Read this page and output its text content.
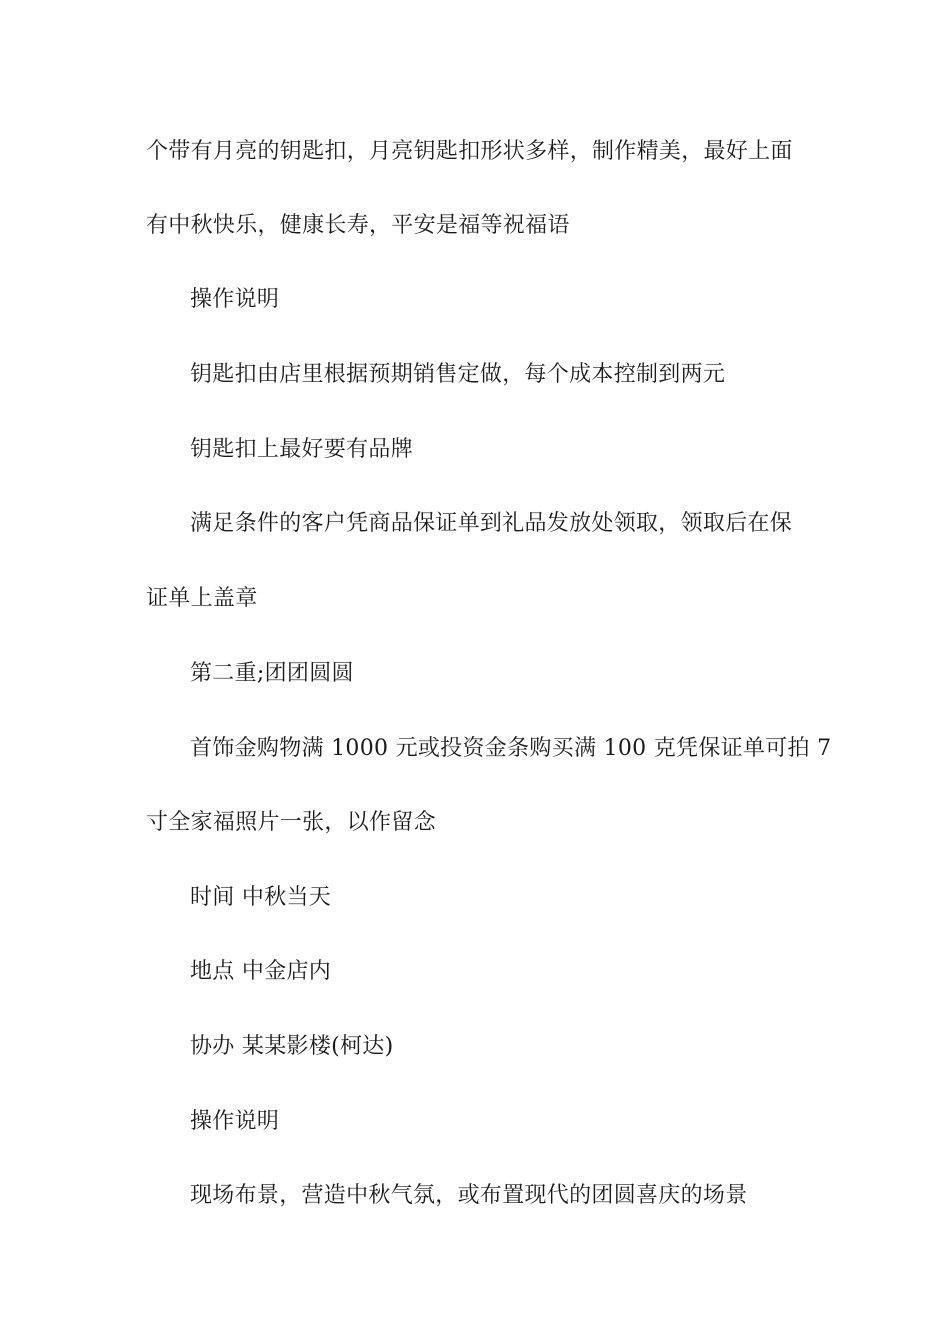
个带有月亮的钥匙扣，月亮钥匙扣形状多样，制作精美，最好上面
有中秋快乐，健康长寿，平安是福等祝福语
操作说明
钥匙扣由店里根据预期销售定做，每个成本控制到两元
钥匙扣上最好要有品牌
满足条件的客户凭商品保证单到礼品发放处领取，领取后在保
证单上盖章
第二重;团团圆圆
首饰金购物满 1000 元或投资金条购买满 100 克凭保证单可拍 7
寸全家福照片一张，以作留念
时间 中秋当天
地点 中金店内
协办 某某影楼(柯达)
操作说明
现场布景，营造中秋气氛，或布置现代的团圆喜庆的场景
